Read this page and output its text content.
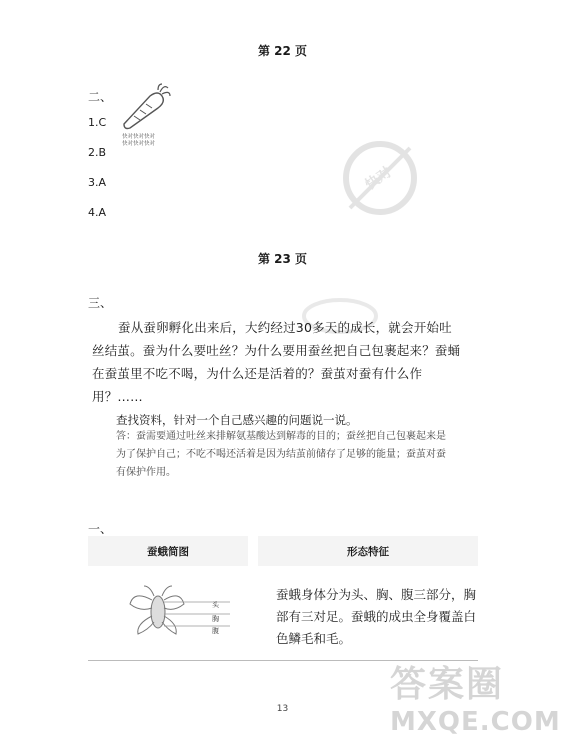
第 22 页
二、
快对快对快对
快对快对快对
1.C
2.B
3.A
4.A
快对
第 23 页
三、
蚕从蚕卵孵化出来后，大约经过30多天的成长，就会开始吐丝结茧。蚕为什么要吐丝？为什么要用蚕丝把自己包裹起来？蚕蛹在蚕茧里不吃不喝，为什么还是活着的？蚕茧对蚕有什么作用？……
查找资料，针对一个自己感兴趣的问题说一说。
答：蚕需要通过吐丝来排解氨基酸达到解毒的目的；蚕丝把自己包裹起来是为了保护自己；不吃不喝还活着是因为结茧前储存了足够的能量；蚕茧对蚕有保护作用。
一、
蚕蛾简图	形态特征
头
胸
腹
蚕蛾身体分为头、胸、腹三部分，胸部有三对足。蚕蛾的成虫全身覆盖白色鳞毛和毛。
13
答案圈
MXQE.COM
